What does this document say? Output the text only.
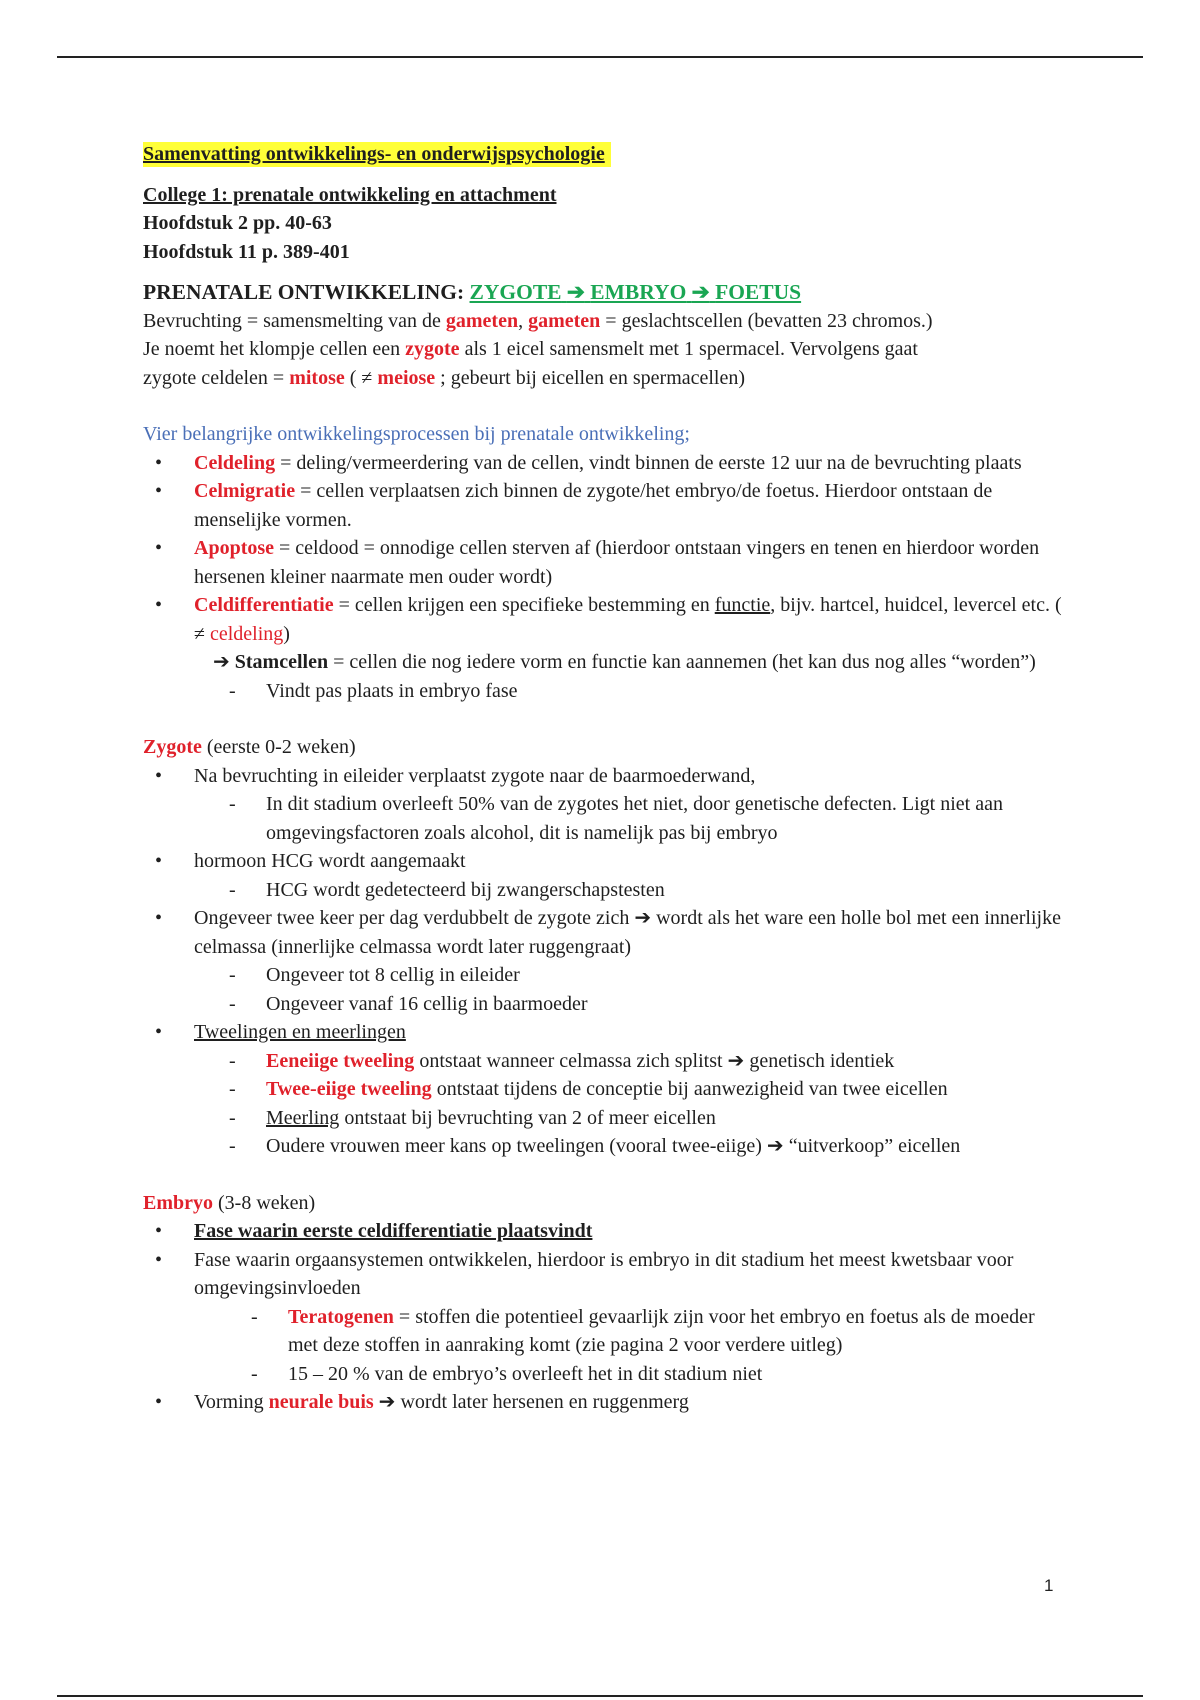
Samenvatting ontwikkelings- en onderwijspsychologie

College 1: prenatale ontwikkeling en attachment

Hoofdstuk 2 pp. 40-63

Hoofdstuk 11 p. 389-401

PRENATALE ONTWIKKELING: ZYGOTE ➔ EMBRYO ➔ FOETUS

Bevruchting = samensmelting van de gameten, gameten = geslachtscellen (bevatten 23 chromos.)

Je noemt het klompje cellen een zygote als 1 eicel samensmelt met 1 spermacel. Vervolgens gaat

zygote celdelen = mitose ( ≠ meiose ; gebeurt bij eicellen en spermacellen)

Vier belangrijke ontwikkelingsprocessen bij prenatale ontwikkeling;

• Celdeling = deling/vermeerdering van de cellen, vindt binnen de eerste 12 uur na de bevruchting plaats
• Celmigratie = cellen verplaatsen zich binnen de zygote/het embryo/de foetus. Hierdoor ontstaan de menselijke vormen.
• Apoptose = celdood = onnodige cellen sterven af (hierdoor ontstaan vingers en tenen en hierdoor worden hersenen kleiner naarmate men ouder wordt)
• Celdifferentiatie = cellen krijgen een specifieke bestemming en functie, bijv. hartcel, huidcel, levercel etc. ( ≠ celdeling)

➔ Stamcellen = cellen die nog iedere vorm en functie kan aannemen (het kan dus nog alles “worden”)

- Vindt pas plaats in embryo fase

Zygote (eerste 0-2 weken)

• Na bevruchting in eileider verplaatst zygote naar de baarmoederwand,
- In dit stadium overleeft 50% van de zygotes het niet, door genetische defecten. Ligt niet aan omgevingsfactoren zoals alcohol, dit is namelijk pas bij embryo
• hormoon HCG wordt aangemaakt
- HCG wordt gedetecteerd bij zwangerschapstesten
• Ongeveer twee keer per dag verdubbelt de zygote zich ➔ wordt als het ware een holle bol met een innerlijke celmassa (innerlijke celmassa wordt later ruggengraat)
- Ongeveer tot 8 cellig in eileider
- Ongeveer vanaf 16 cellig in baarmoeder
• Tweelingen en meerlingen
- Eeneiige tweeling ontstaat wanneer celmassa zich splitst ➔ genetisch identiek
- Twee-eiige tweeling ontstaat tijdens de conceptie bij aanwezigheid van twee eicellen
- Meerling ontstaat bij bevruchting van 2 of meer eicellen
- Oudere vrouwen meer kans op tweelingen (vooral twee-eiige) ➔ “uitverkoop” eicellen

Embryo (3-8 weken)

• Fase waarin eerste celdifferentiatie plaatsvindt
• Fase waarin orgaansystemen ontwikkelen, hierdoor is embryo in dit stadium het meest kwetsbaar voor omgevingsinvloeden
- Teratogenen = stoffen die potentieel gevaarlijk zijn voor het embryo en foetus als de moeder met deze stoffen in aanraking komt (zie pagina 2 voor verdere uitleg)
- 15 – 20 % van de embryo’s overleeft het in dit stadium niet
• Vorming neurale buis ➔ wordt later hersenen en ruggenmerg
1
